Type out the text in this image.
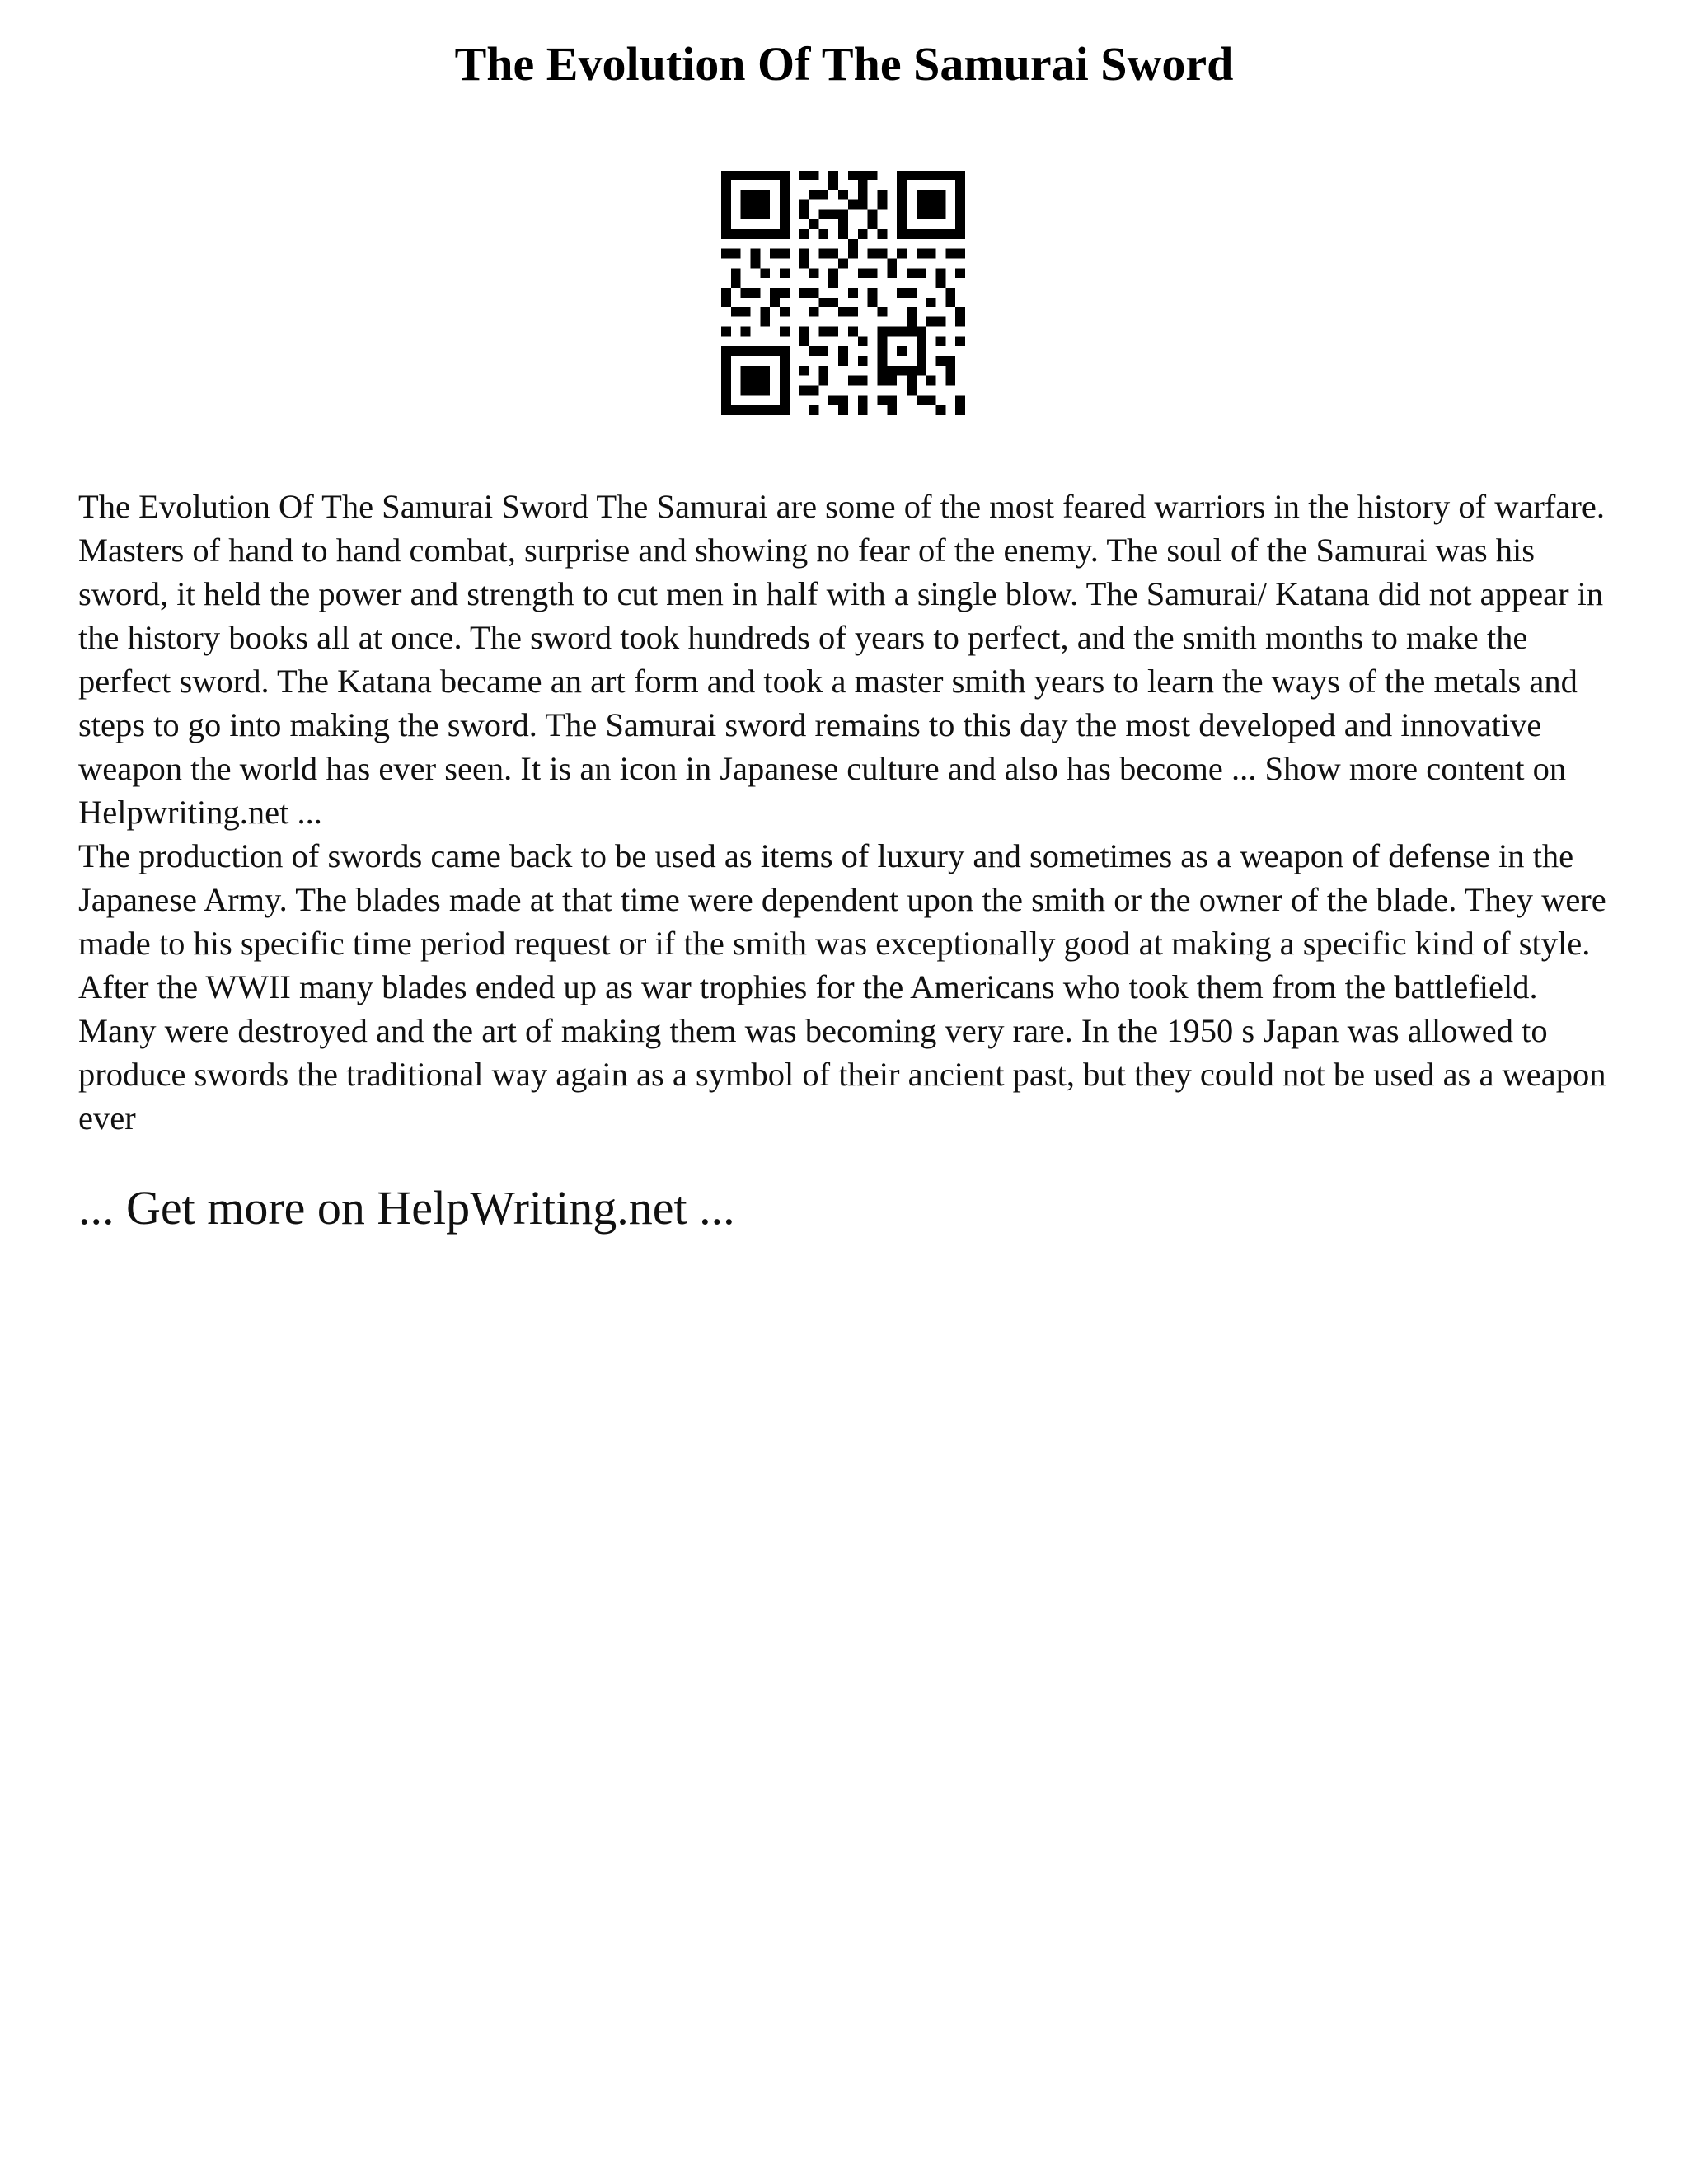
The Evolution Of The Samurai Sword

The Evolution Of The Samurai Sword The Samurai are some of the most feared warriors in the history of warfare. Masters of hand to hand combat, surprise and showing no fear of the enemy. The soul of the Samurai was his sword, it held the power and strength to cut men in half with a single blow. The Samurai/ Katana did not appear in the history books all at once. The sword took hundreds of years to perfect, and the smith months to make the perfect sword. The Katana became an art form and took a master smith years to learn the ways of the metals and steps to go into making the sword. The Samurai sword remains to this day the most developed and innovative weapon the world has ever seen. It is an icon in Japanese culture and also has become ... Show more content on Helpwriting.net ...

The production of swords came back to be used as items of luxury and sometimes as a weapon of defense in the Japanese Army. The blades made at that time were dependent upon the smith or the owner of the blade. They were made to his specific time period request or if the smith was exceptionally good at making a specific kind of style. After the WWII many blades ended up as war trophies for the Americans who took them from the battlefield. Many were destroyed and the art of making them was becoming very rare. In the 1950 s Japan was allowed to produce swords the traditional way again as a symbol of their ancient past, but they could not be used as a weapon ever

... Get more on HelpWriting.net ...
